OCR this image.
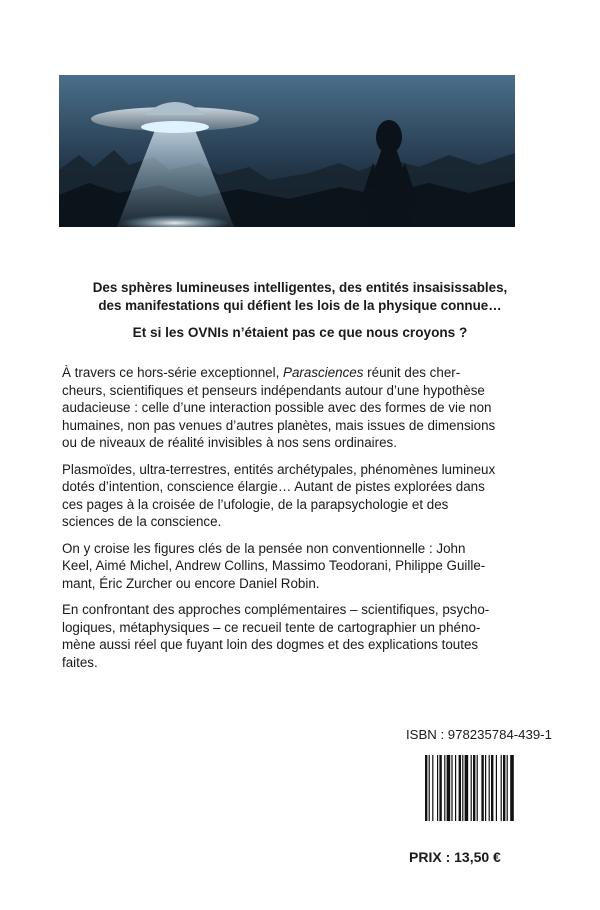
Des sphères lumineuses intelligentes, des entités insaisissables,

des manifestations qui défient les lois de la physique connue…

Et si les OVNIs n’étaient pas ce que nous croyons ?

À travers ce hors-série exceptionnel, Parasciences réunit des cher-
cheurs, scientifiques et penseurs indépendants autour d’une hypothèse
audacieuse : celle d’une interaction possible avec des formes de vie non
humaines, non pas venues d’autres planètes, mais issues de dimensions
ou de niveaux de réalité invisibles à nos sens ordinaires.

Plasmoïdes, ultra-terrestres, entités archétypales, phénomènes lumineux
dotés d’intention, conscience élargie… Autant de pistes explorées dans
ces pages à la croisée de l’ufologie, de la parapsychologie et des
sciences de la conscience.

On y croise les figures clés de la pensée non conventionnelle : John
Keel, Aimé Michel, Andrew Collins, Massimo Teodorani, Philippe Guille-
mant, Éric Zurcher ou encore Daniel Robin.

En confrontant des approches complémentaires – scientifiques, psycho-
logiques, métaphysiques – ce recueil tente de cartographier un phéno-
mène aussi réel que fuyant loin des dogmes et des explications toutes
faites.

ISBN : 978235784-439-1
PRIX : 13,50 €
